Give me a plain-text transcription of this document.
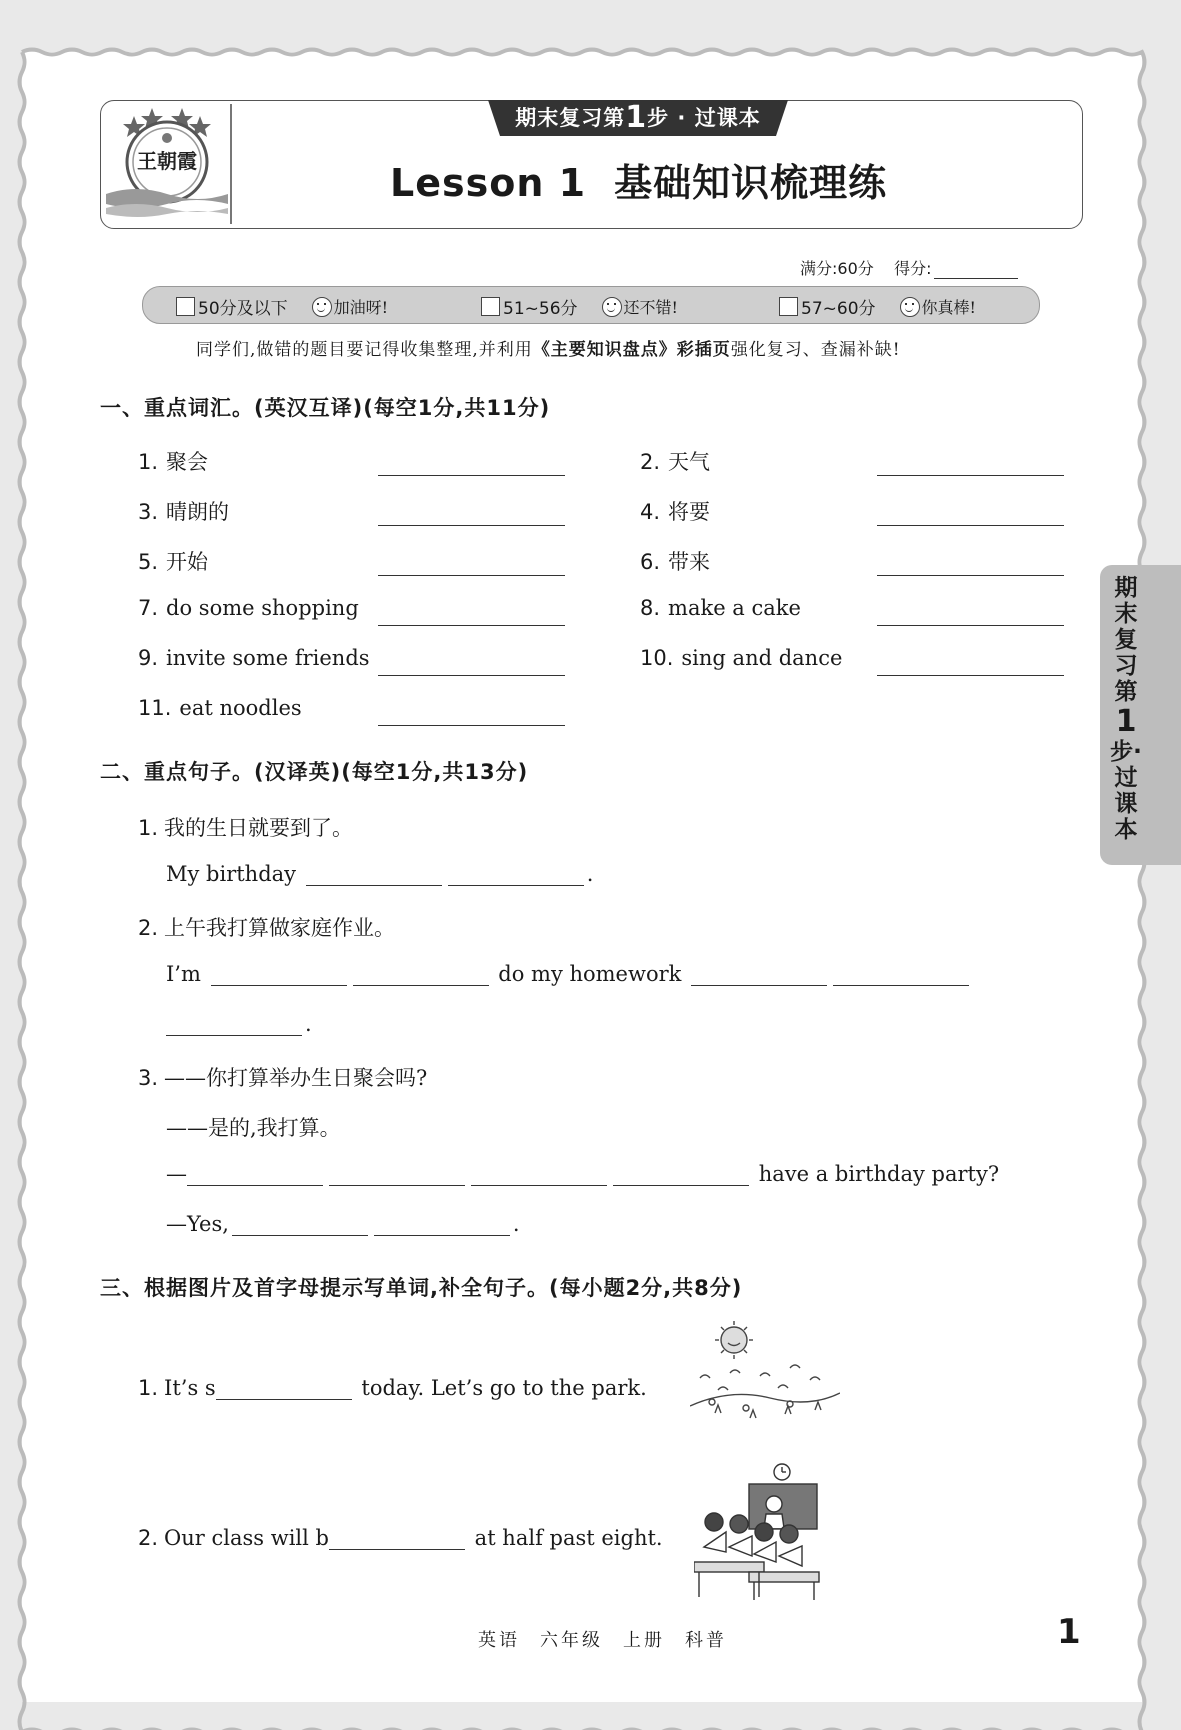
王朝霞
期末复习第1步 · 过课本
Lesson 1 基础知识梳理练
满分:60分 得分:
50分及以下	加油呀!	51~56分	还不错!	57~60分	你真棒!
同学们,做错的题目要记得收集整理,并利用《主要知识盘点》彩插页强化复习、查漏补缺!
一、重点词汇。(英汉互译)(每空1分,共11分)
1. 聚会	2. 天气
3. 晴朗的	4. 将要
5. 开始	6. 带来
7. do some shopping	8. make a cake
9. invite some friends	10. sing and dance
11. eat noodles
二、重点句子。(汉译英)(每空1分,共13分)
1. 我的生日就要到了。
My birthday	.
2. 上午我打算做家庭作业。
I’m	do my homework
.
3. ——你打算举办生日聚会吗?
——是的,我打算。
—	have a birthday party?
—Yes,	.
三、根据图片及首字母提示写单词,补全句子。(每小题2分,共8分)
1. It’s s	today. Let’s go to the park.
2. Our class will b	at half past eight.
期末复习第
1
步·过课本
英语 六年级 上册 科普	1
